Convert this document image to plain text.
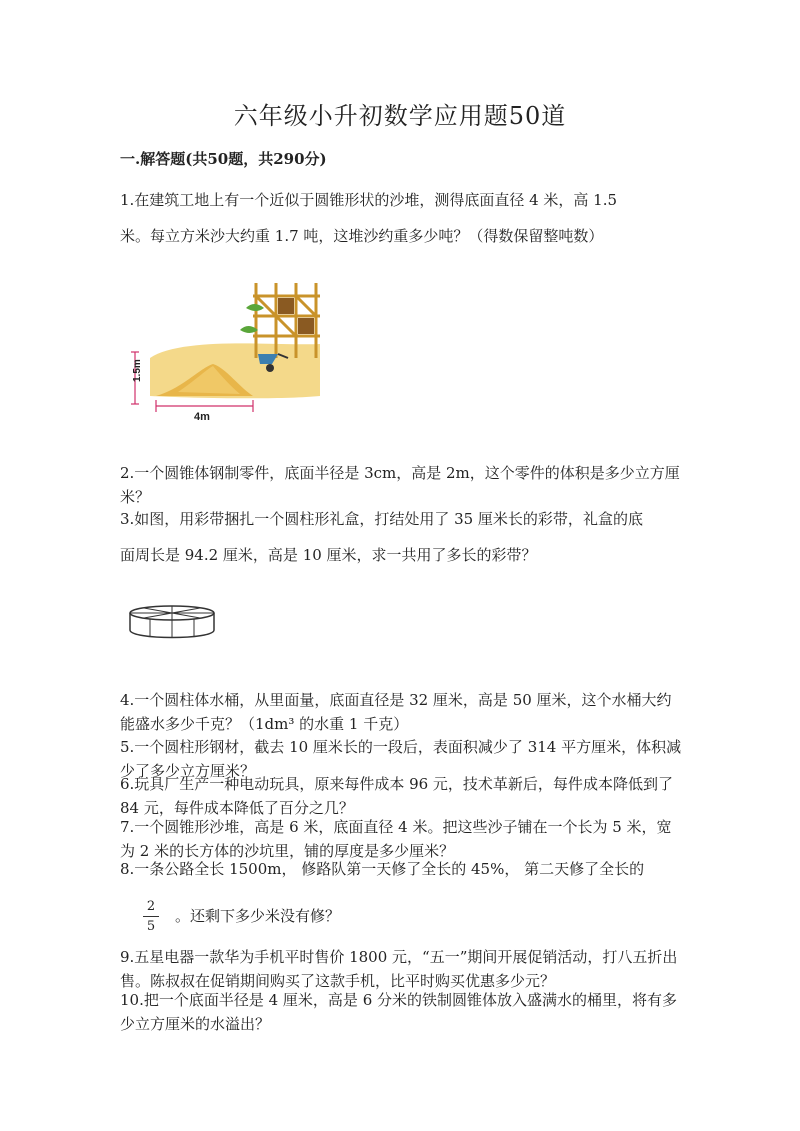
六年级小升初数学应用题50道
一.解答题(共50题，共290分)
1.在建筑工地上有一个近似于圆锥形状的沙堆，测得底面直径 4 米，高 1.5
米。每立方米沙大约重 1.7 吨，这堆沙约重多少吨？（得数保留整吨数）
1.5m
4m
2.一个圆锥体钢制零件，底面半径是 3cm，高是 2m，这个零件的体积是多少立方厘米？
3.如图，用彩带捆扎一个圆柱形礼盒，打结处用了 35 厘米长的彩带，礼盒的底
面周长是 94.2 厘米，高是 10 厘米，求一共用了多长的彩带？
4.一个圆柱体水桶，从里面量，底面直径是 32 厘米，高是 50 厘米，这个水桶大约能盛水多少千克？（1dm³ 的水重 1 千克）
5.一个圆柱形钢材，截去 10 厘米长的一段后，表面积减少了 314 平方厘米，体积减少了多少立方厘米？
6.玩具厂生产一种电动玩具，原来每件成本 96 元，技术革新后，每件成本降低到了 84 元，每件成本降低了百分之几？
7.一个圆锥形沙堆，高是 6 米，底面直径 4 米。把这些沙子铺在一个长为 5 米，宽为 2 米的长方体的沙坑里，铺的厚度是多少厘米？
8.一条公路全长 1500m， 修路队第一天修了全长的 45%， 第二天修了全长的
2
5
。还剩下多少米没有修？
9.五星电器一款华为手机平时售价 1800 元，“五一”期间开展促销活动，打八五折出售。陈叔叔在促销期间购买了这款手机，比平时购买优惠多少元？
10.把一个底面半径是 4 厘米，高是 6 分米的铁制圆锥体放入盛满水的桶里，将有多少立方厘米的水溢出？
